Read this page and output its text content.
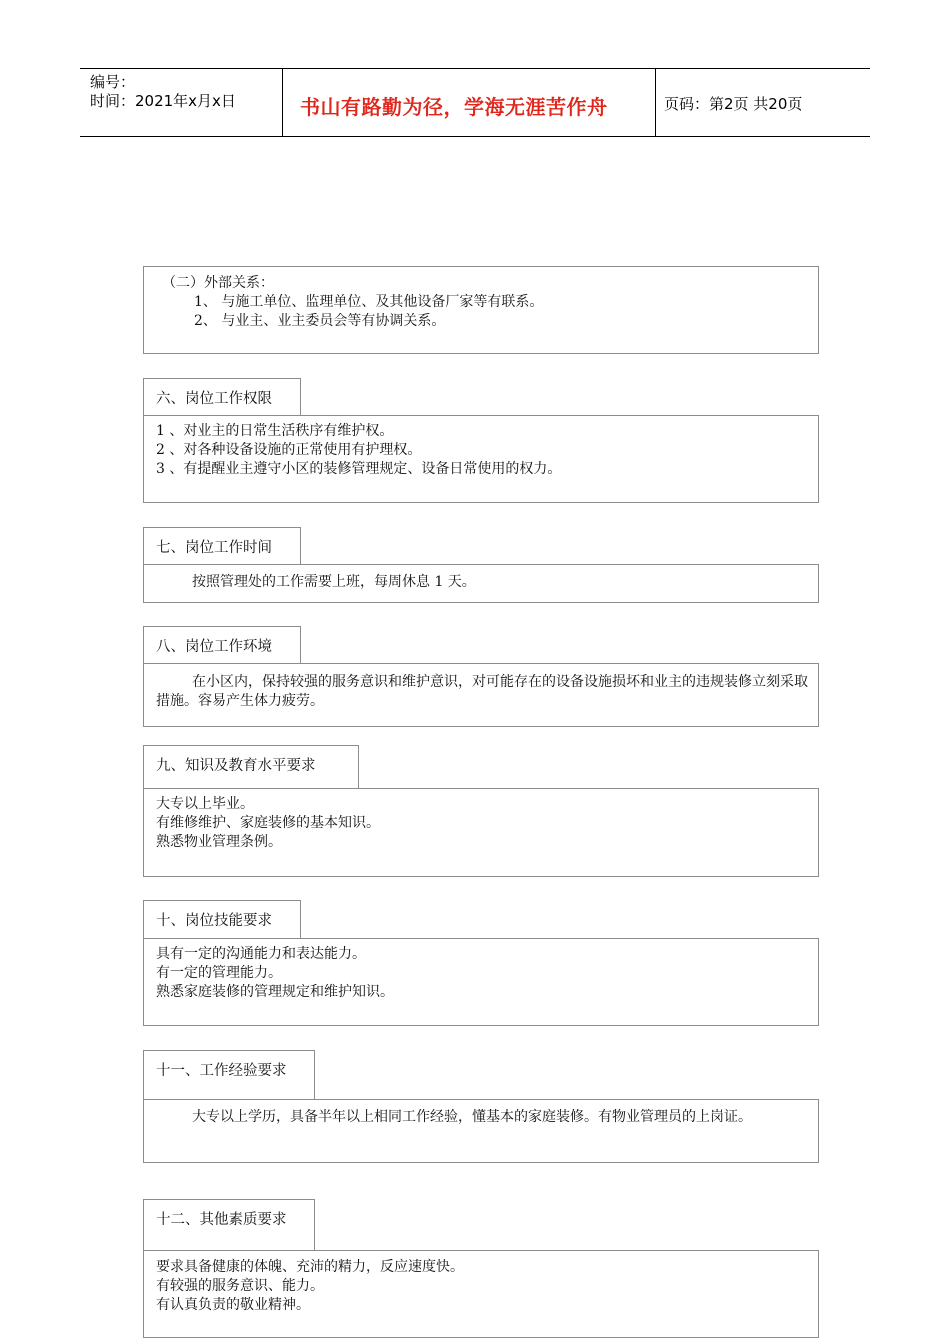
编号：
时间：2021年x月x日	书山有路勤为径，学海无涯苦作舟	页码：第2页 共20页
（二）外部关系：
1、 与施工单位、监理单位、及其他设备厂家等有联系。
2、 与业主、业主委员会等有协调关系。
六、岗位工作权限
1 、对业主的日常生活秩序有维护权。
2 、对各种设备设施的正常使用有护理权。
3 、有提醒业主遵守小区的装修管理规定、设备日常使用的权力。
七、岗位工作时间
按照管理处的工作需要上班，每周休息 1 天。
八、岗位工作环境
在小区内，保持较强的服务意识和维护意识，对可能存在的设备设施损坏和业主的违规装修立刻采取措施。容易产生体力疲劳。
九、知识及教育水平要求
大专以上毕业。
有维修维护、家庭装修的基本知识。
熟悉物业管理条例。
十、岗位技能要求
具有一定的沟通能力和表达能力。
有一定的管理能力。
熟悉家庭装修的管理规定和维护知识。
十一、工作经验要求
大专以上学历，具备半年以上相同工作经验，懂基本的家庭装修。有物业管理员的上岗证。
十二、其他素质要求
要求具备健康的体魄、充沛的精力，反应速度快。
有较强的服务意识、能力。
有认真负责的敬业精神。
